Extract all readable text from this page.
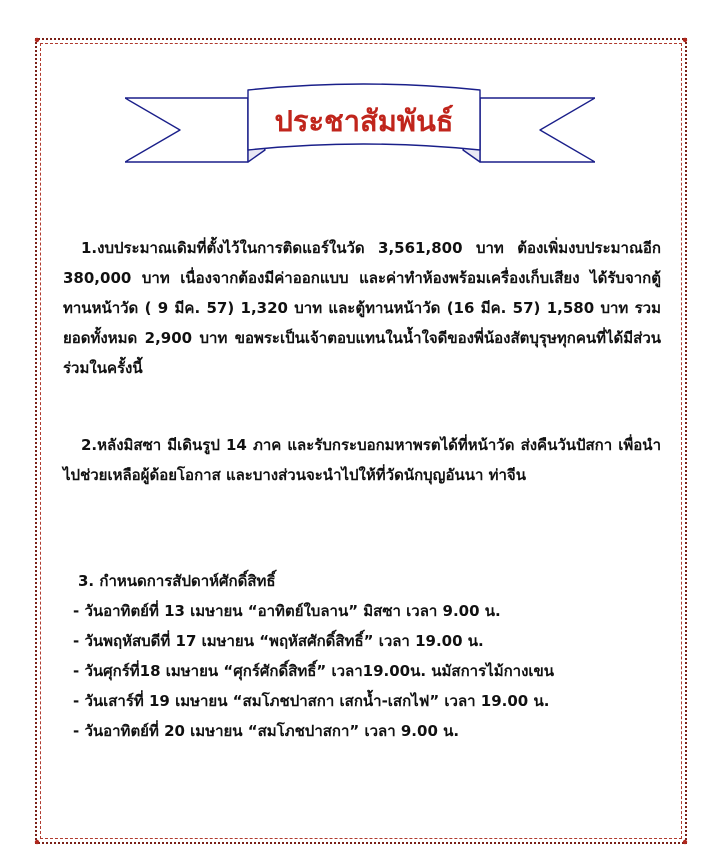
ประชาสัมพันธ์

1.งบประมาณเดิมที่ตั้งไว้ในการติดแอร์ในวัด 3,561,800 บาท ต้องเพิ่มงบประมาณอีก 380,000 บาท เนื่องจากต้องมีค่าออกแบบ และค่าทำห้องพร้อมเครื่องเก็บเสียง ได้รับจากตู้ทานหน้าวัด ( 9 มีค. 57) 1,320 บาท และตู้ทานหน้าวัด (16 มีค. 57) 1,580 บาท รวมยอดทั้งหมด 2,900 บาท ขอพระเป็นเจ้าตอบแทนในน้ำใจดีของพี่น้องสัตบุรุษทุกคนที่ได้มีส่วนร่วมในครั้งนี้

2.หลังมิสซา มีเดินรูป 14 ภาค และรับกระบอกมหาพรตได้ที่หน้าวัด ส่งคืนวันปัสกา เพื่อนำไปช่วยเหลือผู้ด้อยโอกาส และบางส่วนจะนำไปให้ที่วัดนักบุญอันนา ท่าจีน

3. กำหนดการสัปดาห์ศักดิ์สิทธิ์
- วันอาทิตย์ที่ 13 เมษายน “อาทิตย์ใบลาน” มิสซา เวลา 9.00 น.
- วันพฤหัสบดีที่ 17 เมษายน “พฤหัสศักดิ์สิทธิ์” เวลา 19.00 น.
- วันศุกร์ที่18 เมษายน “ศุกร์ศักดิ์สิทธิ์” เวลา19.00น. นมัสการไม้กางเขน
- วันเสาร์ที่ 19 เมษายน “สมโภชปาสกา เสกน้ำ-เสกไฟ” เวลา 19.00 น.
- วันอาทิตย์ที่ 20 เมษายน “สมโภชปาสกา” เวลา 9.00 น.
